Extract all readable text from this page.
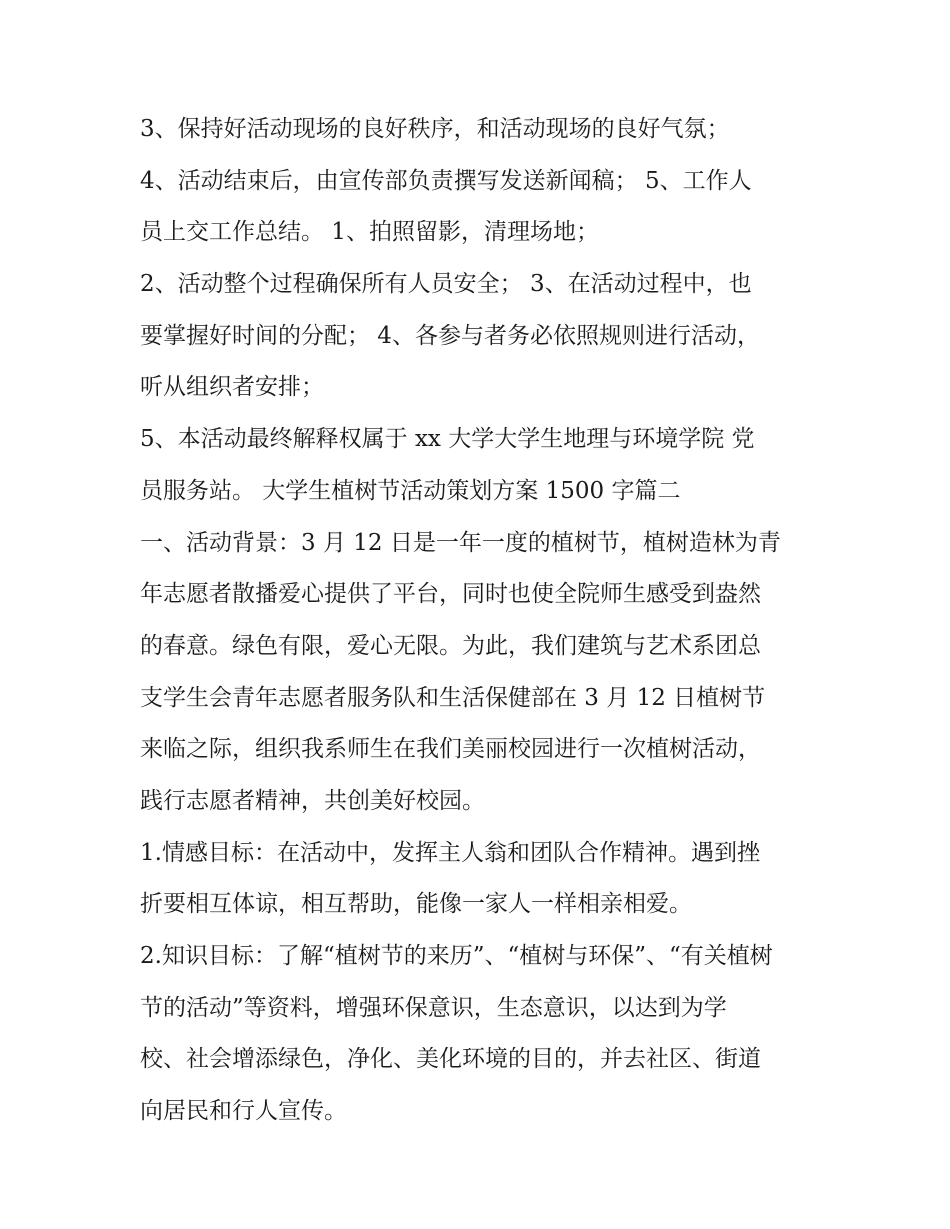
3、保持好活动现场的良好秩序，和活动现场的良好气氛；
4、活动结束后，由宣传部负责撰写发送新闻稿； 5、工作人
员上交工作总结。 1、拍照留影，清理场地；
2、活动整个过程确保所有人员安全； 3、在活动过程中，也
要掌握好时间的分配； 4、各参与者务必依照规则进行活动，
听从组织者安排；
5、本活动最终解释权属于 xx 大学大学生地理与环境学院 党
员服务站。 大学生植树节活动策划方案 1500 字篇二
一、活动背景：3 月 12 日是一年一度的植树节，植树造林为青
年志愿者散播爱心提供了平台，同时也使全院师生感受到盎然
的春意。绿色有限，爱心无限。为此，我们建筑与艺术系团总
支学生会青年志愿者服务队和生活保健部在 3 月 12 日植树节
来临之际，组织我系师生在我们美丽校园进行一次植树活动，
践行志愿者精神，共创美好校园。
1.情感目标：在活动中，发挥主人翁和团队合作精神。遇到挫
折要相互体谅，相互帮助，能像一家人一样相亲相爱。
2.知识目标：了解“植树节的来历”、“植树与环保”、“有关植树
节的活动”等资料，增强环保意识，生态意识，以达到为学
校、社会增添绿色，净化、美化环境的目的，并去社区、街道
向居民和行人宣传。
